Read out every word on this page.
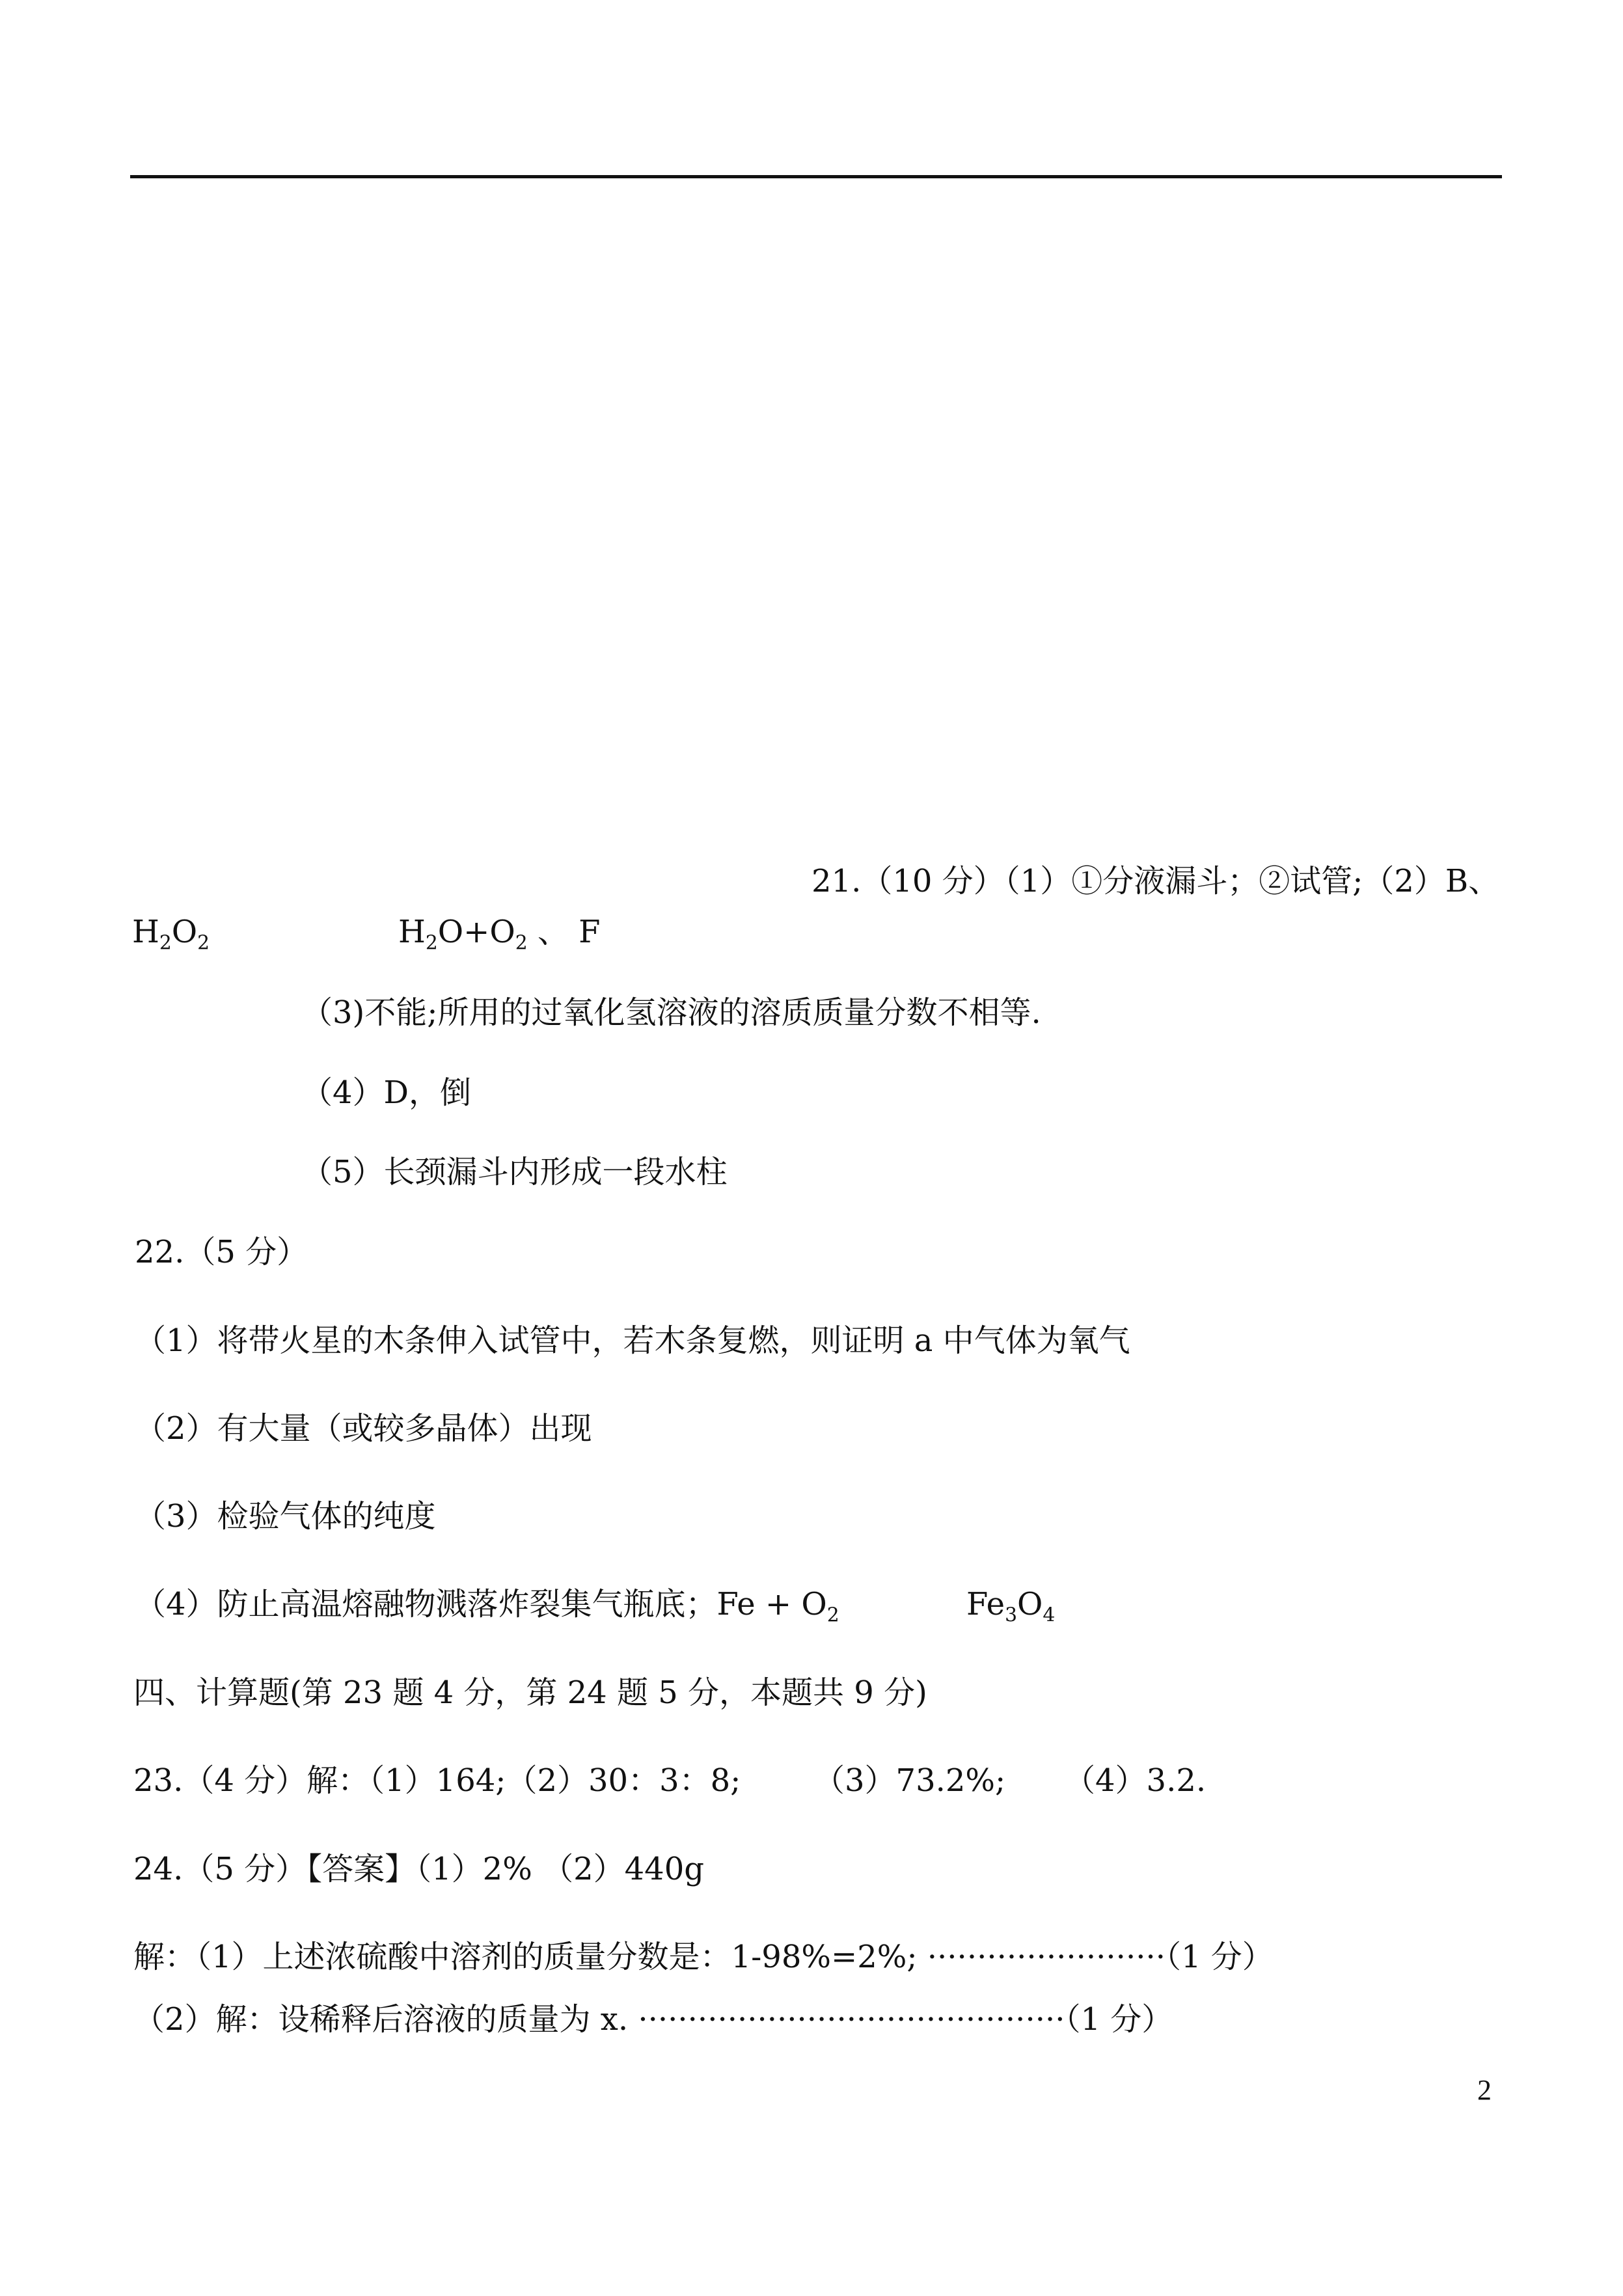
21.（10 分）（1）①分液漏斗；②试管;（2）B、
$H_2O_2$	$H_2O+O_2$ 、 F
（3)不能;所用的过氧化氢溶液的溶质质量分数不相等.
（4）D，倒
（5）长颈漏斗内形成一段水柱
22.（5 分）
（1）将带火星的木条伸入试管中，若木条复燃，则证明 a 中气体为氧气
（2）有大量（或较多晶体）出现
（3）检验气体的纯度
（4）防止高温熔融物溅落炸裂集气瓶底；$Fe + O_2$	$Fe_3O_4$
四、计算题(第 23 题 4 分，第 24 题 5 分，本题共 9 分)
23.（4 分）解：（1）164;（2）30：3：8; （3）73.2%; （4）3.2.
24.（5 分）【答案】（1）2% （2）440g
解：（1）上述浓硫酸中溶剂的质量分数是：1-98%=2%; ························（1 分）
（2）解：设稀释后溶液的质量为 x. ···········································（1 分）
2
